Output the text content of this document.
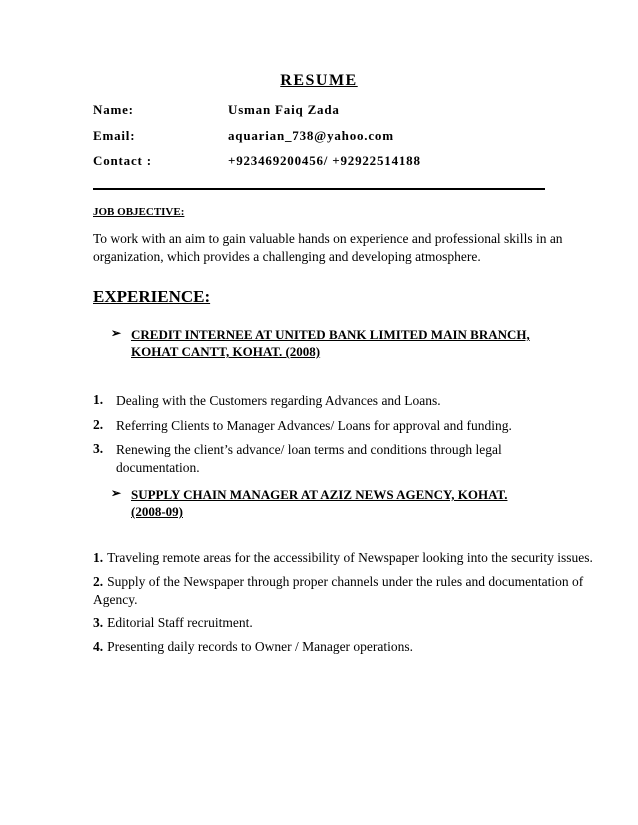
RESUME
Name:	Usman Faiq Zada
Email:	aquarian_738@yahoo.com
Contact :	+923469200456/ +92922514188
JOB OBJECTIVE:
To work with an aim to gain valuable hands on experience and professional skills in an
organization, which provides a challenging and developing atmosphere.
EXPERIENCE:
➢ CREDIT INTERNEE AT UNITED BANK LIMITED MAIN BRANCH,
KOHAT CANTT, KOHAT. (2008)
1. Dealing with the Customers regarding Advances and Loans.
2. Referring Clients to Manager Advances/ Loans for approval and funding.
3. Renewing the client’s advance/ loan terms and conditions through legal
documentation.
➢ SUPPLY CHAIN MANAGER AT AZIZ NEWS AGENCY, KOHAT.
(2008-09)
1. Traveling remote areas for the accessibility of Newspaper looking into the security issues.
2. Supply of the Newspaper through proper channels under the rules and documentation of
Agency.
3. Editorial Staff recruitment.
4. Presenting daily records to Owner / Manager operations.
